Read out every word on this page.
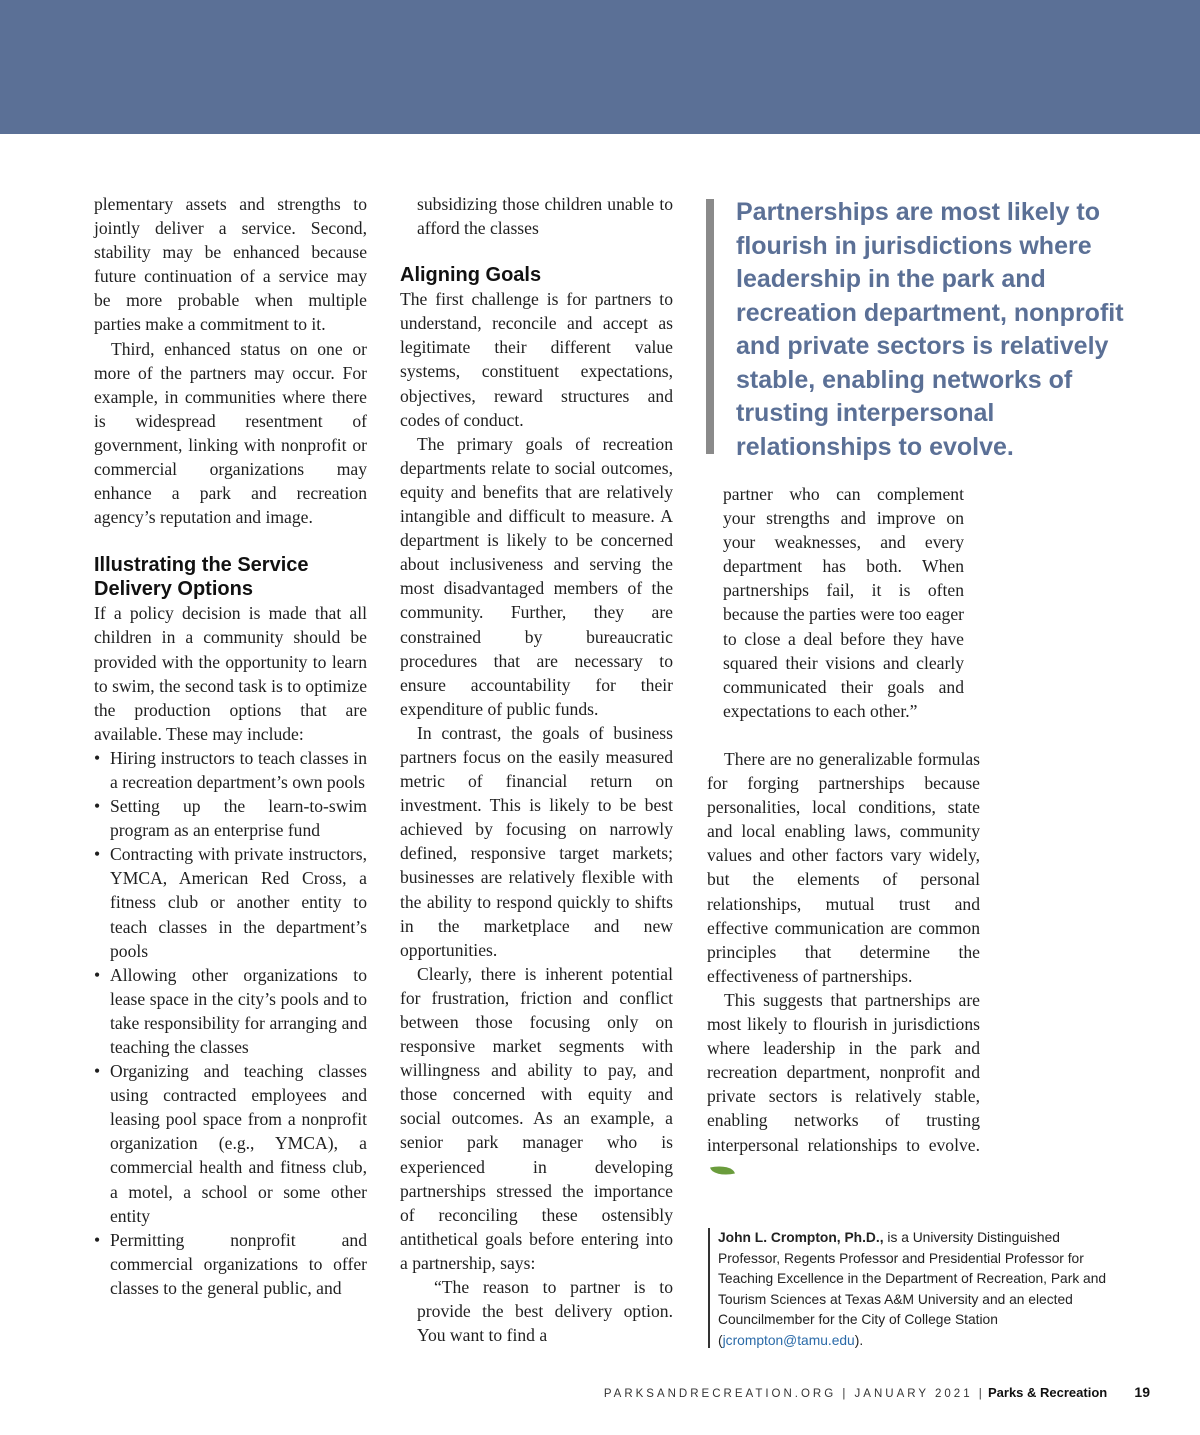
plementary assets and strengths to jointly deliver a service. Second, stability may be enhanced because future continuation of a service may be more probable when multiple parties make a commitment to it.

Third, enhanced status on one or more of the partners may occur. For example, in communities where there is widespread resentment of government, linking with nonprofit or commercial organizations may enhance a park and recreation agency’s reputation and image.

Illustrating the Service Delivery Options

If a policy decision is made that all children in a community should be provided with the opportunity to learn to swim, the second task is to optimize the production options that are available. These may include:

• Hiring instructors to teach classes in a recreation department’s own pools
• Setting up the learn-to-swim program as an enterprise fund
• Contracting with private instructors, YMCA, American Red Cross, a fitness club or another entity to teach classes in the department’s pools
• Allowing other organizations to lease space in the city’s pools and to take responsibility for arranging and teaching the classes
• Organizing and teaching classes using contracted employees and leasing pool space from a nonprofit organization (e.g., YMCA), a commercial health and fitness club, a motel, a school or some other entity
• Permitting nonprofit and commercial organizations to offer classes to the general public, and

subsidizing those children unable to afford the classes

Aligning Goals

The first challenge is for partners to understand, reconcile and accept as legitimate their different value systems, constituent expectations, objectives, reward structures and codes of conduct.

The primary goals of recreation departments relate to social outcomes, equity and benefits that are relatively intangible and difficult to measure. A department is likely to be concerned about inclusiveness and serving the most disadvantaged members of the community. Further, they are constrained by bureaucratic procedures that are necessary to ensure accountability for their expenditure of public funds.

In contrast, the goals of business partners focus on the easily measured metric of financial return on investment. This is likely to be best achieved by focusing on narrowly defined, responsive target markets; businesses are relatively flexible with the ability to respond quickly to shifts in the marketplace and new opportunities.

Clearly, there is inherent potential for frustration, friction and conflict between those focusing only on responsive market segments with willingness and ability to pay, and those concerned with equity and social outcomes. As an example, a senior park manager who is experienced in developing partnerships stressed the importance of reconciling these ostensibly antithetical goals before entering into a partnership, says:

“The reason to partner is to provide the best delivery option. You want to find a

Partnerships are most likely to flourish in jurisdictions where leadership in the park and recreation department, nonprofit and private sectors is relatively stable, enabling networks of trusting interpersonal relationships to evolve.

partner who can complement your strengths and improve on your weaknesses, and every department has both. When partnerships fail, it is often because the parties were too eager to close a deal before they have squared their visions and clearly communicated their goals and expectations to each other.”

There are no generalizable formulas for forging partnerships because personalities, local conditions, state and local enabling laws, community values and other factors vary widely, but the elements of personal relationships, mutual trust and effective communication are common principles that determine the effectiveness of partnerships.

This suggests that partnerships are most likely to flourish in jurisdictions where leadership in the park and recreation department, nonprofit and private sectors is relatively stable, enabling networks of trusting interpersonal relationships to evolve.

John L. Crompton, Ph.D., is a University Distinguished Professor, Regents Professor and Presidential Professor for Teaching Excellence in the Department of Recreation, Park and Tourism Sciences at Texas A&M University and an elected Councilmember for the City of College Station (jcrompton@tamu.edu).
PARKSANDRECREATION.ORG | JANUARY 2021 | Parks & Recreation 19
